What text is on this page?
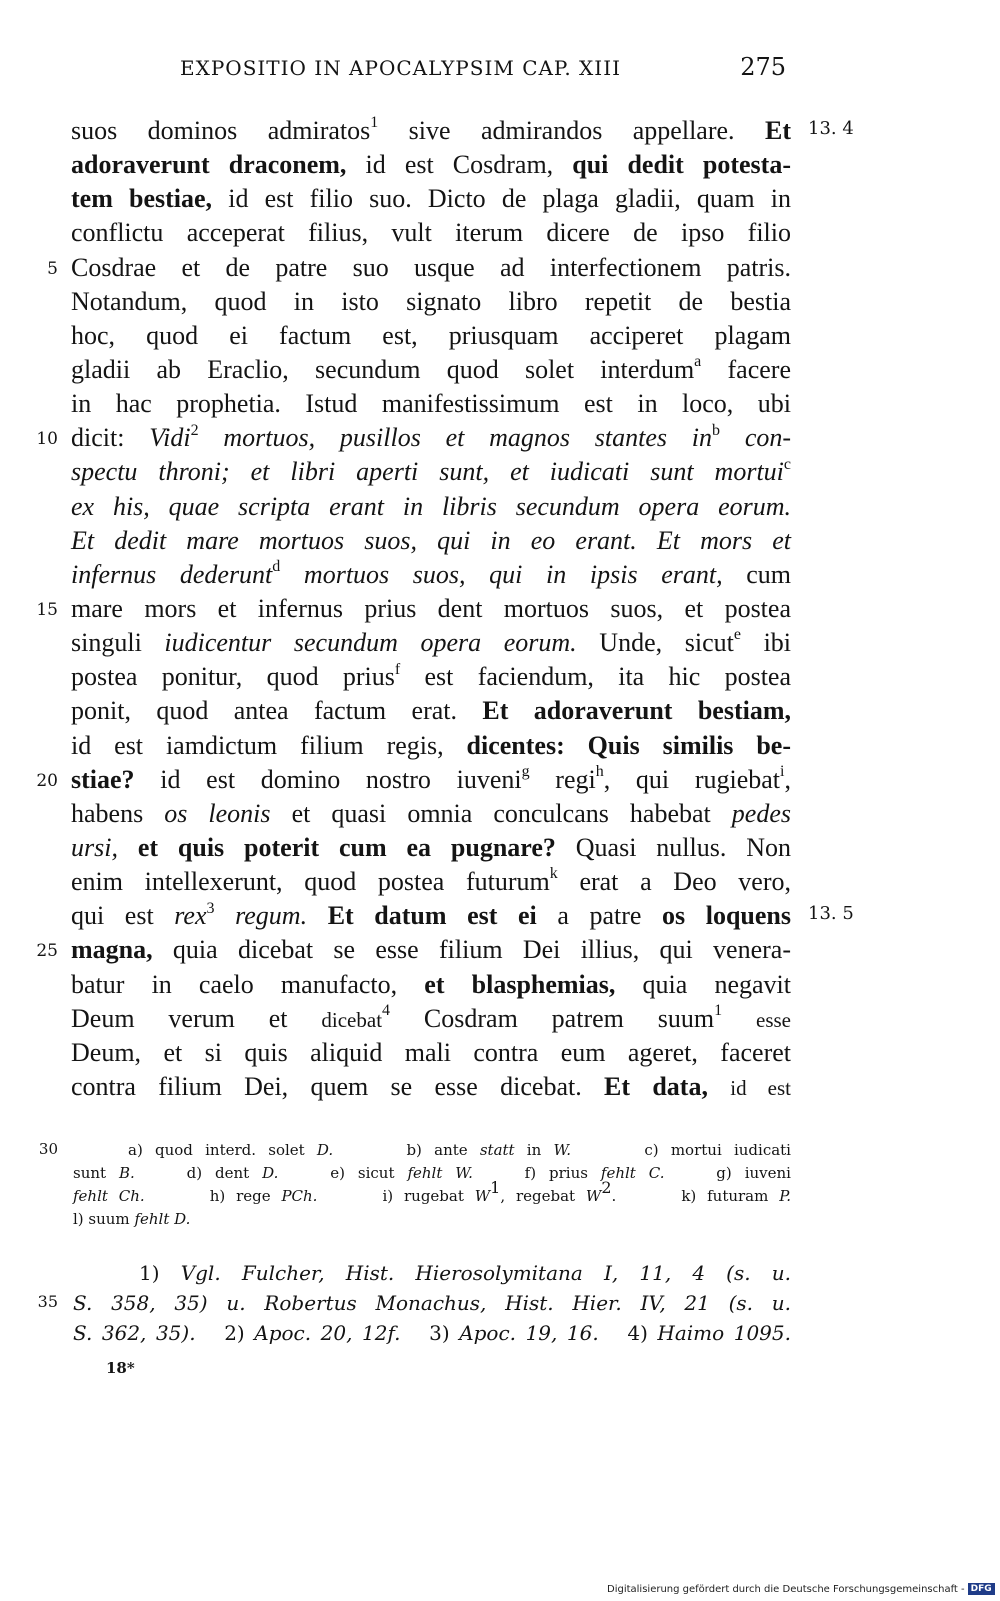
EXPOSITIO IN APOCALYPSIM CAP. XIII	275
suos dominos admiratos$^1$ sive admirandos appellare. Et 13. 4
adoraverunt draconem, id est Cosdram, qui dedit potesta-
tem bestiae, id est filio suo. Dicto de plaga gladii, quam in
conflictu acceperat filius, vult iterum dicere de ipso filio
5 Cosdrae et de patre suo usque ad interfectionem patris.
Notandum, quod in isto signato libro repetit de bestia
hoc, quod ei factum est, priusquam acciperet plagam
gladii ab Eraclio, secundum quod solet interdum$^a$ facere
in hac prophetia. Istud manifestissimum est in loco, ubi
10 dicit: Vidi$^2$ mortuos, pusillos et magnos stantes $in^b$ con-
spectu throni; et libri aperti sunt, et iudicati sunt mortui$^c$
ex his, quae scripta erant in libris secundum opera eorum.
Et dedit mare mortuos suos, qui in eo erant. Et mors et
infernus dederunt$^d$ mortuos suos, qui in ipsis erant, cum
15 mare mors et infernus prius dent mortuos suos, et postea
singuli iudicentur secundum opera eorum. Unde, sicut$^e$ ibi
postea ponitur, quod prius$^f$ est faciendum, ita hic postea
ponit, quod antea factum erat. Et adoraverunt bestiam,
id est iamdictum filium regis, dicentes: Quis similis be-
20 stiae? id est domino nostro iuveni$^g$ regi$^h$, qui rugiebat$^i$,
habens os leonis et quasi omnia conculcans habebat pedes
ursi, et quis poterit cum ea pugnare? Quasi nullus. Non
enim intellexerunt, quod postea futurum$^k$ erat a Deo vero,
qui est rex$^3$ regum. Et datum est ei a patre os loquens 13. 5
25 magna, quia dicebat se esse filium Dei illius, qui venera-
batur in caelo manufacto, et blasphemias, quia negavit
Deum verum et dicebat$^4$ Cosdram patrem suum$^1$ esse
Deum, et si quis aliquid mali contra eum ageret, faceret
contra filium Dei, quem se esse dicebat. Et data, id est
30	a) quod interd. solet D.      b) ante statt in W.      c) mortui iudicati
sunt B.    d) dent D.    e) sicut fehlt W.    f) prius fehlt C.    g) iuveni
fehlt Ch.      h) rege PCh.      i) rugebat $W^1$, regebat $W^2$.      k) futuram P.
l) suum fehlt D.
1) Vgl. Fulcher, Hist. Hierosolymitana I, 11, 4 (s. u.
35 S. 358, 35) u. Robertus Monachus, Hist. Hier. IV, 21 (s. u.
S. 362, 35).   2) Apoc. 20, 12f.   3) Apoc. 19, 16.   4) Haimo 1095.
18*
Digitalisierung gefördert durch die Deutsche Forschungsgemeinschaft - DFG
